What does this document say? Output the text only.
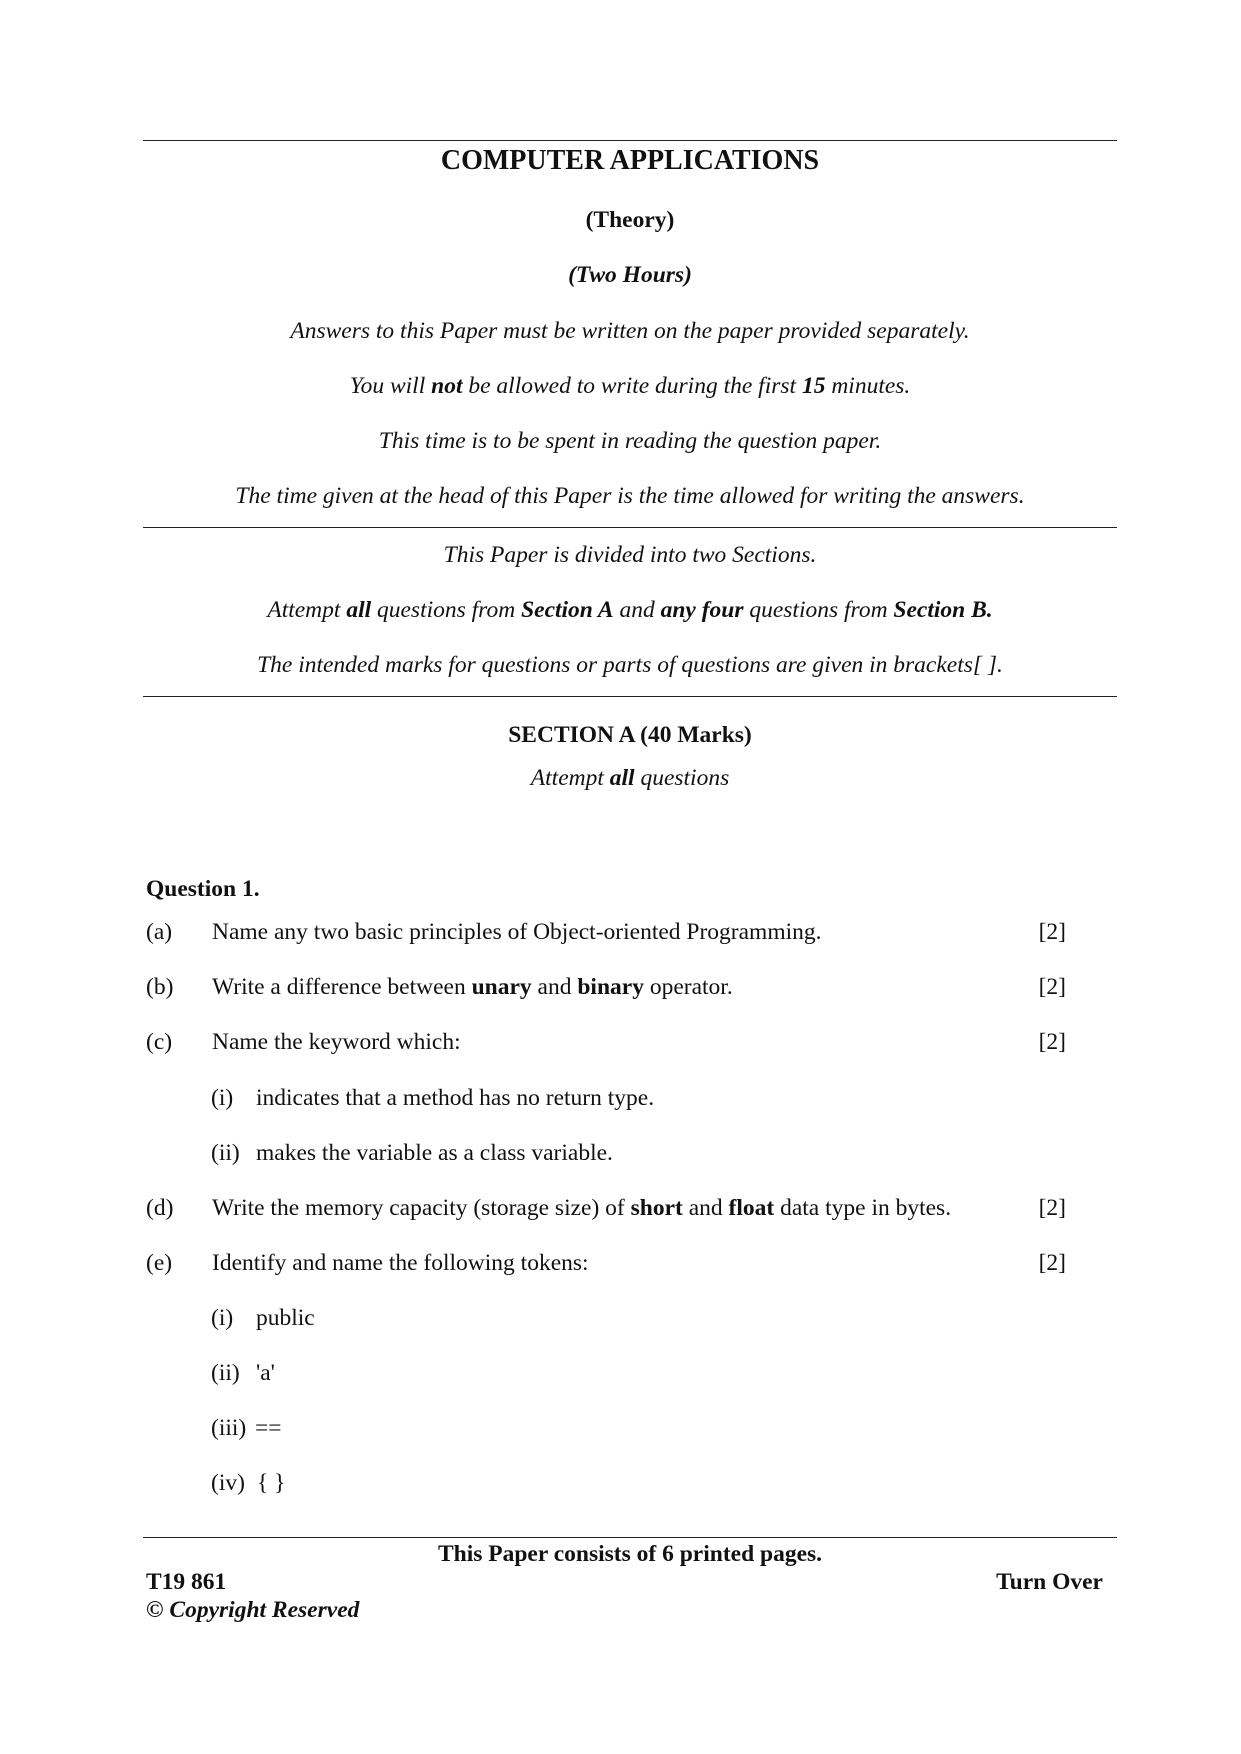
COMPUTER APPLICATIONS
(Theory)
(Two Hours)
Answers to this Paper must be written on the paper provided separately.
You will not be allowed to write during the first 15 minutes.
This time is to be spent in reading the question paper.
The time given at the head of this Paper is the time allowed for writing the answers.
This Paper is divided into two Sections.
Attempt all questions from Section A and any four questions from Section B.
The intended marks for questions or parts of questions are given in brackets[ ].
SECTION A (40 Marks)
Attempt all questions
Question 1.
(a) Name any two basic principles of Object-oriented Programming.	[2]
(b) Write a difference between unary and binary operator.	[2]
(c) Name the keyword which:	[2]
(i) indicates that a method has no return type.
(ii) makes the variable as a class variable.
(d) Write the memory capacity (storage size) of short and float data type in bytes.	[2]
(e) Identify and name the following tokens:	[2]
(i) public
(ii) 'a'
(iii) ==
(iv) { }
This Paper consists of 6 printed pages.
T19 861	Turn Over
© Copyright Reserved
